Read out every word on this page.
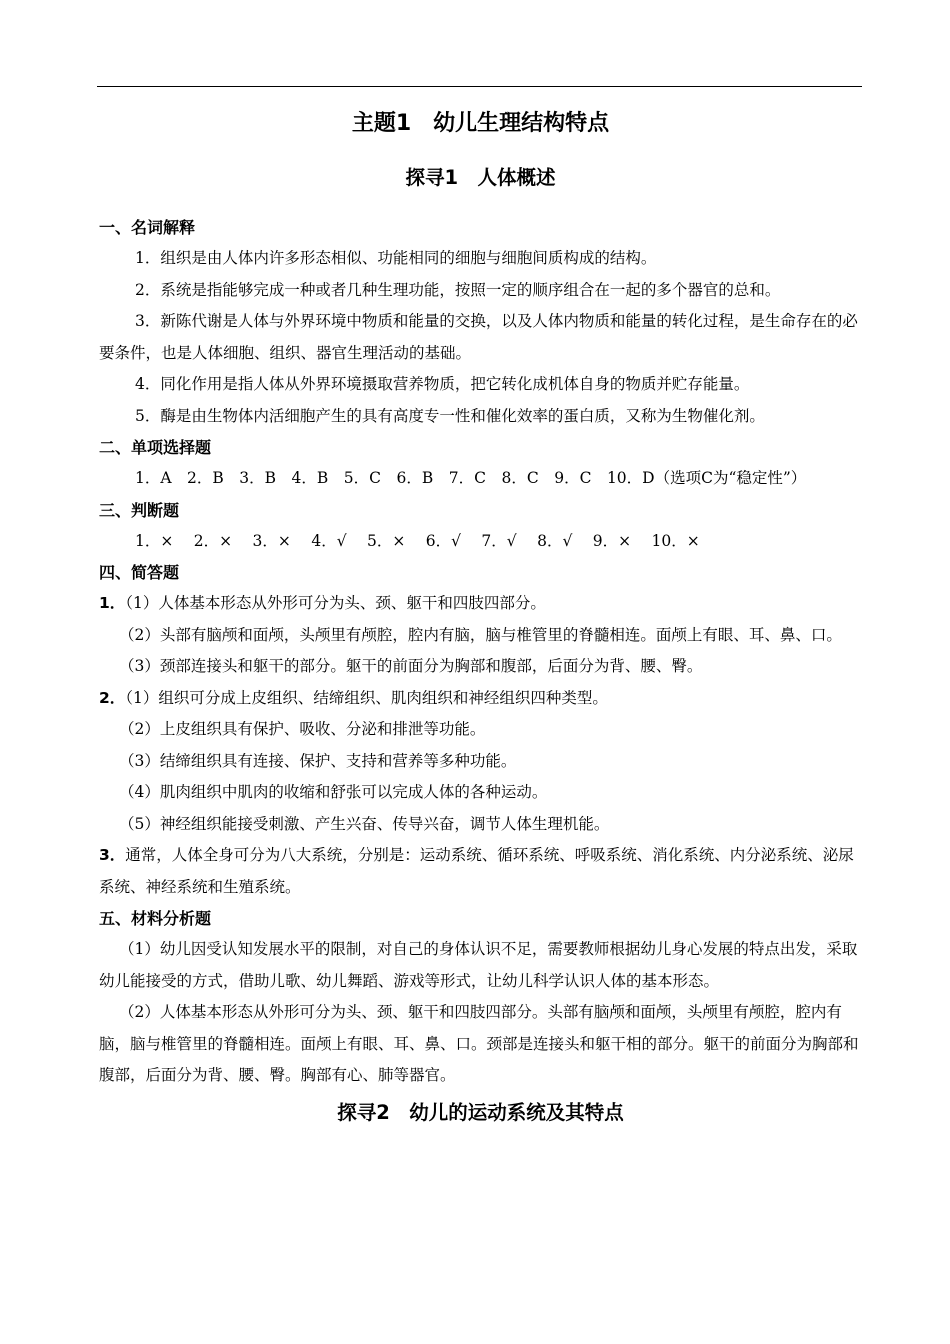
主题1　幼儿生理结构特点
探寻1　人体概述
一、名词解释

1．组织是由人体内许多形态相似、功能相同的细胞与细胞间质构成的结构。

2．系统是指能够完成一种或者几种生理功能，按照一定的顺序组合在一起的多个器官的总和。

3．新陈代谢是人体与外界环境中物质和能量的交换，以及人体内物质和能量的转化过程，是生命存在的必要条件，也是人体细胞、组织、器官生理活动的基础。

4．同化作用是指人体从外界环境摄取营养物质，把它转化成机体自身的物质并贮存能量。

5．酶是由生物体内活细胞产生的具有高度专一性和催化效率的蛋白质，又称为生物催化剂。

二、单项选择题

1．A　2．B　3．B　4．B　5．C　6．B　7．C　8．C　9．C　10．D（选项C为“稳定性”）

三、判断题

1．×　 2．×　 3．×　 4．√　 5．×　 6．√　 7．√　 8．√　 9．×　 10．×

四、简答题

1．（1）人体基本形态从外形可分为头、颈、躯干和四肢四部分。

（2）头部有脑颅和面颅，头颅里有颅腔，腔内有脑，脑与椎管里的脊髓相连。面颅上有眼、耳、鼻、口。

（3）颈部连接头和躯干的部分。躯干的前面分为胸部和腹部，后面分为背、腰、臀。

2．（1）组织可分成上皮组织、结缔组织、肌肉组织和神经组织四种类型。

（2）上皮组织具有保护、吸收、分泌和排泄等功能。

（3）结缔组织具有连接、保护、支持和营养等多种功能。

（4）肌肉组织中肌肉的收缩和舒张可以完成人体的各种运动。

（5）神经组织能接受刺激、产生兴奋、传导兴奋，调节人体生理机能。

3．通常，人体全身可分为八大系统，分别是：运动系统、循环系统、呼吸系统、消化系统、内分泌系统、泌尿系统、神经系统和生殖系统。

五、材料分析题

（1）幼儿因受认知发展水平的限制，对自己的身体认识不足，需要教师根据幼儿身心发展的特点出发，采取幼儿能接受的方式，借助儿歌、幼儿舞蹈、游戏等形式，让幼儿科学认识人体的基本形态。

（2）人体基本形态从外形可分为头、颈、躯干和四肢四部分。头部有脑颅和面颅，头颅里有颅腔，腔内有脑，脑与椎管里的脊髓相连。面颅上有眼、耳、鼻、口。颈部是连接头和躯干相的部分。躯干的前面分为胸部和腹部，后面分为背、腰、臀。胸部有心、肺等器官。

探寻2　幼儿的运动系统及其特点
